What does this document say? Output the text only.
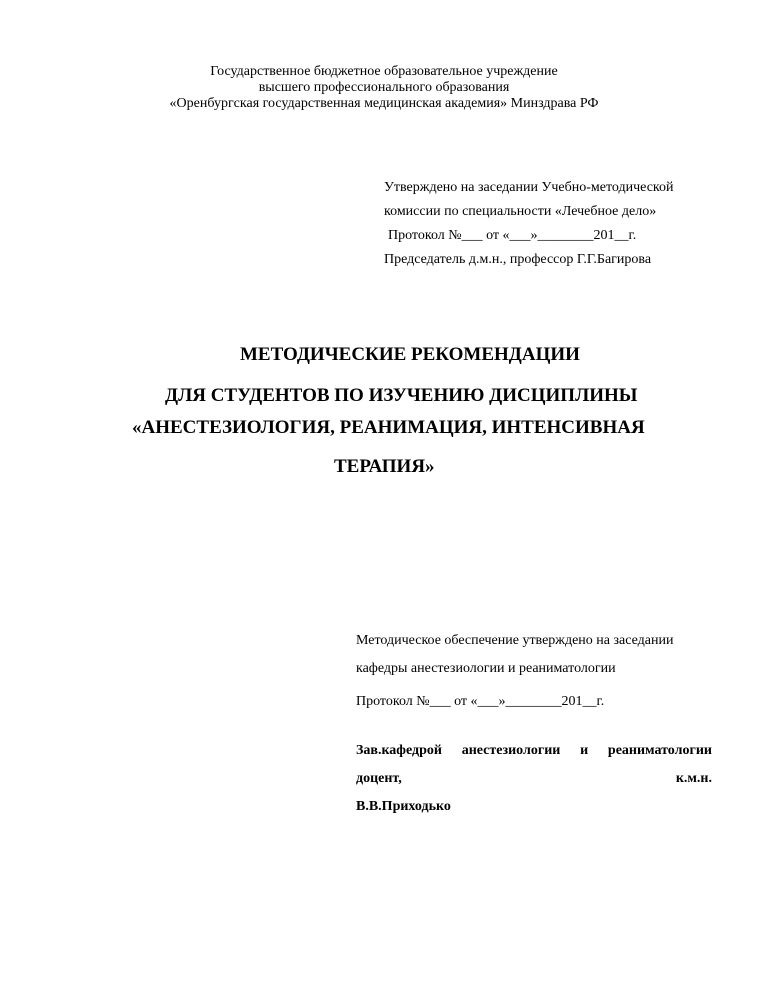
Государственное бюджетное образовательное учреждение
высшего профессионального образования
«Оренбургская государственная медицинская академия» Минздрава РФ
Утверждено на заседании Учебно-методической
комиссии по специальности «Лечебное дело»
Протокол №___ от «___»________201__г.
Председатель д.м.н., профессор Г.Г.Багирова
МЕТОДИЧЕСКИЕ РЕКОМЕНДАЦИИ
ДЛЯ СТУДЕНТОВ ПО ИЗУЧЕНИЮ ДИСЦИПЛИНЫ
«АНЕСТЕЗИОЛОГИЯ, РЕАНИМАЦИЯ, ИНТЕНСИВНАЯ
ТЕРАПИЯ»
Методическое обеспечение утверждено на заседании
кафедры анестезиологии и реаниматологии
Протокол №___ от «___»________201__г.
Зав.кафедрой анестезиологии и реаниматологии
доцент,	к.м.н.
В.В.Приходько
